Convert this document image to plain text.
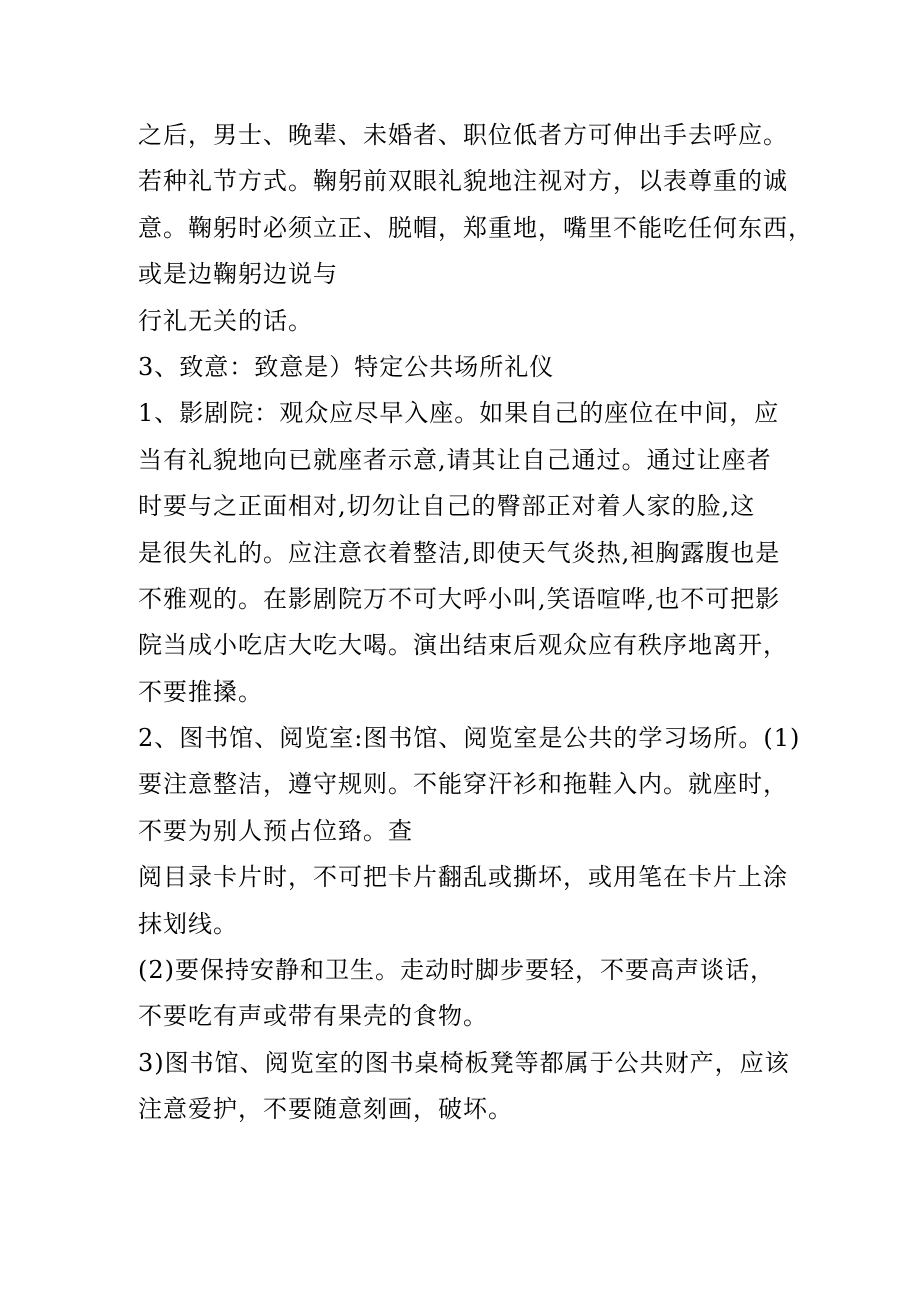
之后，男士、晚辈、未婚者、职位低者方可伸出手去呼应。

若种礼节方式。鞠躬前双眼礼貌地注视对方，以表尊重的诚

意。鞠躬时必须立正、脱帽，郑重地，嘴里不能吃任何东西，

或是边鞠躬边说与

行礼无关的话。

3、致意：致意是）特定公共场所礼仪

1、影剧院：观众应尽早入座。如果自己的座位在中间，应

当有礼貌地向已就座者示意,请其让自己通过。通过让座者

时要与之正面相对,切勿让自己的臀部正对着人家的脸,这

是很失礼的。应注意衣着整洁,即使天气炎热,袒胸露腹也是

不雅观的。在影剧院万不可大呼小叫,笑语喧哗,也不可把影

院当成小吃店大吃大喝。演出结束后观众应有秩序地离开，

不要推搡。

2、图书馆、阅览室:图书馆、阅览室是公共的学习场所。(1)

要注意整洁，遵守规则。不能穿汗衫和拖鞋入内。就座时，

不要为别人预占位臵。查

阅目录卡片时，不可把卡片翻乱或撕坏，或用笔在卡片上涂

抹划线。

(2)要保持安静和卫生。走动时脚步要轻，不要高声谈话，

不要吃有声或带有果壳的食物。

3)图书馆、阅览室的图书桌椅板凳等都属于公共财产，应该

注意爱护，不要随意刻画，破坏。
